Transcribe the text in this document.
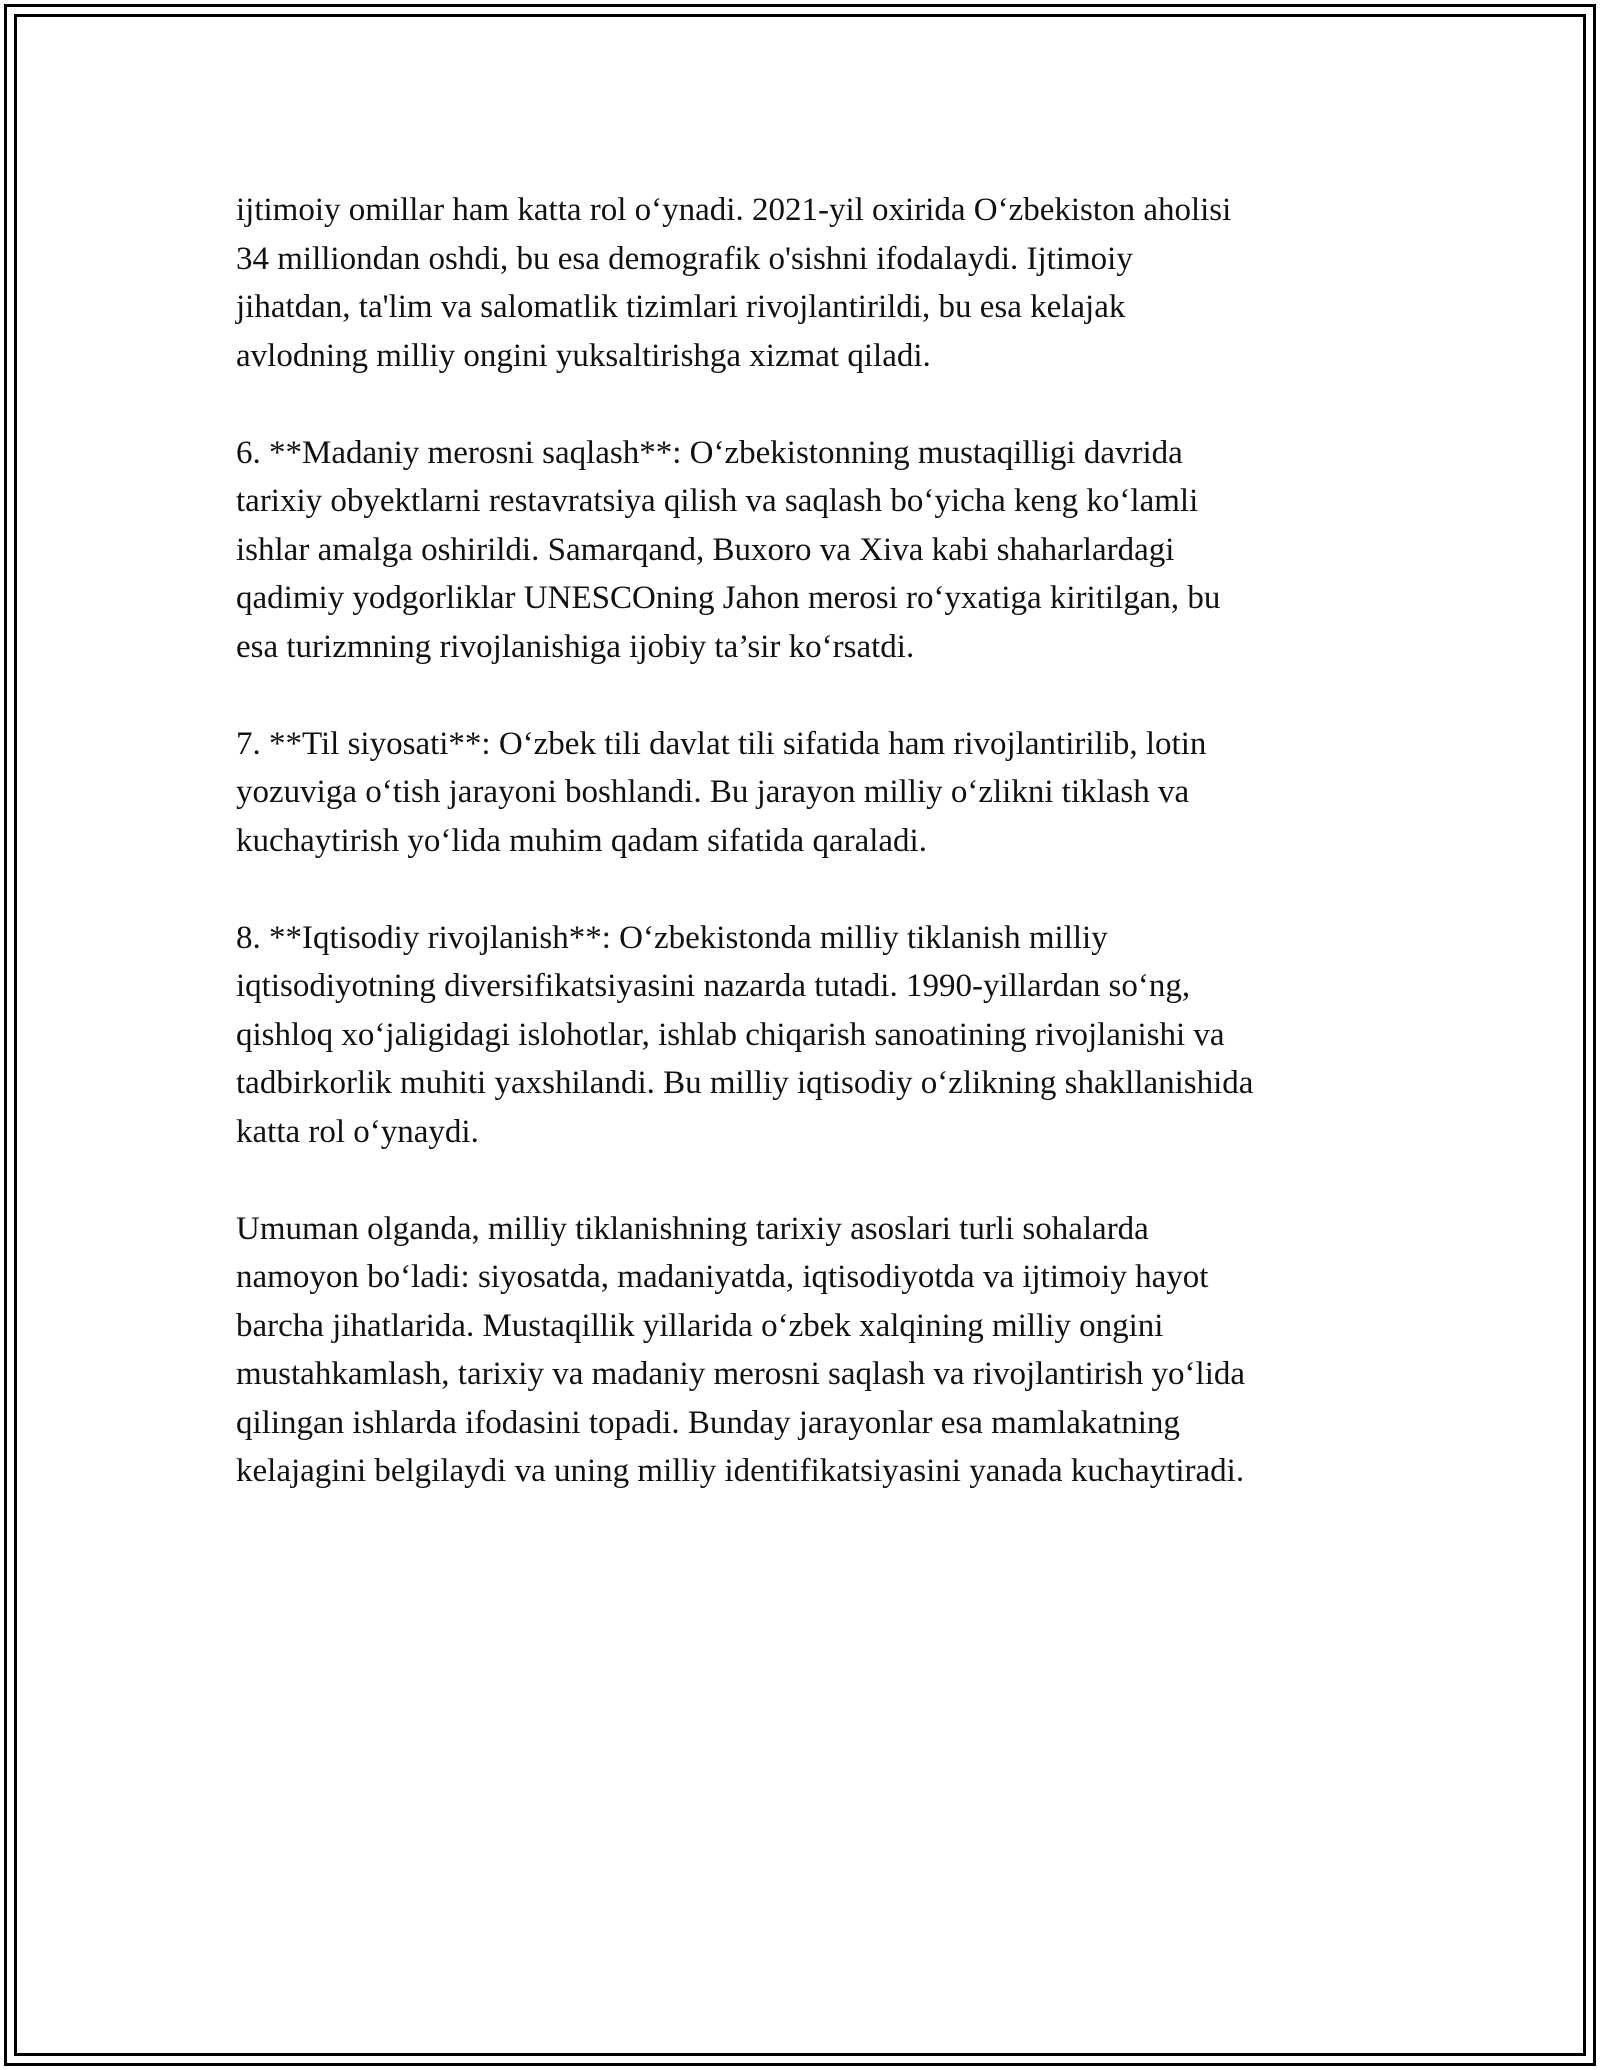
ijtimoiy omillar ham katta rol o‘ynadi. 2021-yil oxirida O‘zbekiston aholisi
34 milliondan oshdi, bu esa demografik o'sishni ifodalaydi. Ijtimoiy
jihatdan, ta'lim va salomatlik tizimlari rivojlantirildi, bu esa kelajak
avlodning milliy ongini yuksaltirishga xizmat qiladi.

6. **Madaniy merosni saqlash**: O‘zbekistonning mustaqilligi davrida
tarixiy obyektlarni restavratsiya qilish va saqlash bo‘yicha keng ko‘lamli
ishlar amalga oshirildi. Samarqand, Buxoro va Xiva kabi shaharlardagi
qadimiy yodgorliklar UNESCOning Jahon merosi ro‘yxatiga kiritilgan, bu
esa turizmning rivojlanishiga ijobiy ta’sir ko‘rsatdi.

7. **Til siyosati**: O‘zbek tili davlat tili sifatida ham rivojlantirilib, lotin
yozuviga o‘tish jarayoni boshlandi. Bu jarayon milliy o‘zlikni tiklash va
kuchaytirish yo‘lida muhim qadam sifatida qaraladi.

8. **Iqtisodiy rivojlanish**: O‘zbekistonda milliy tiklanish milliy
iqtisodiyotning diversifikatsiyasini nazarda tutadi. 1990-yillardan so‘ng,
qishloq xo‘jaligidagi islohotlar, ishlab chiqarish sanoatining rivojlanishi va
tadbirkorlik muhiti yaxshilandi. Bu milliy iqtisodiy o‘zlikning shakllanishida
katta rol o‘ynaydi.

Umuman olganda, milliy tiklanishning tarixiy asoslari turli sohalarda
namoyon bo‘ladi: siyosatda, madaniyatda, iqtisodiyotda va ijtimoiy hayot
barcha jihatlarida. Mustaqillik yillarida o‘zbek xalqining milliy ongini
mustahkamlash, tarixiy va madaniy merosni saqlash va rivojlantirish yo‘lida
qilingan ishlarda ifodasini topadi. Bunday jarayonlar esa mamlakatning
kelajagini belgilaydi va uning milliy identifikatsiyasini yanada kuchaytiradi.
